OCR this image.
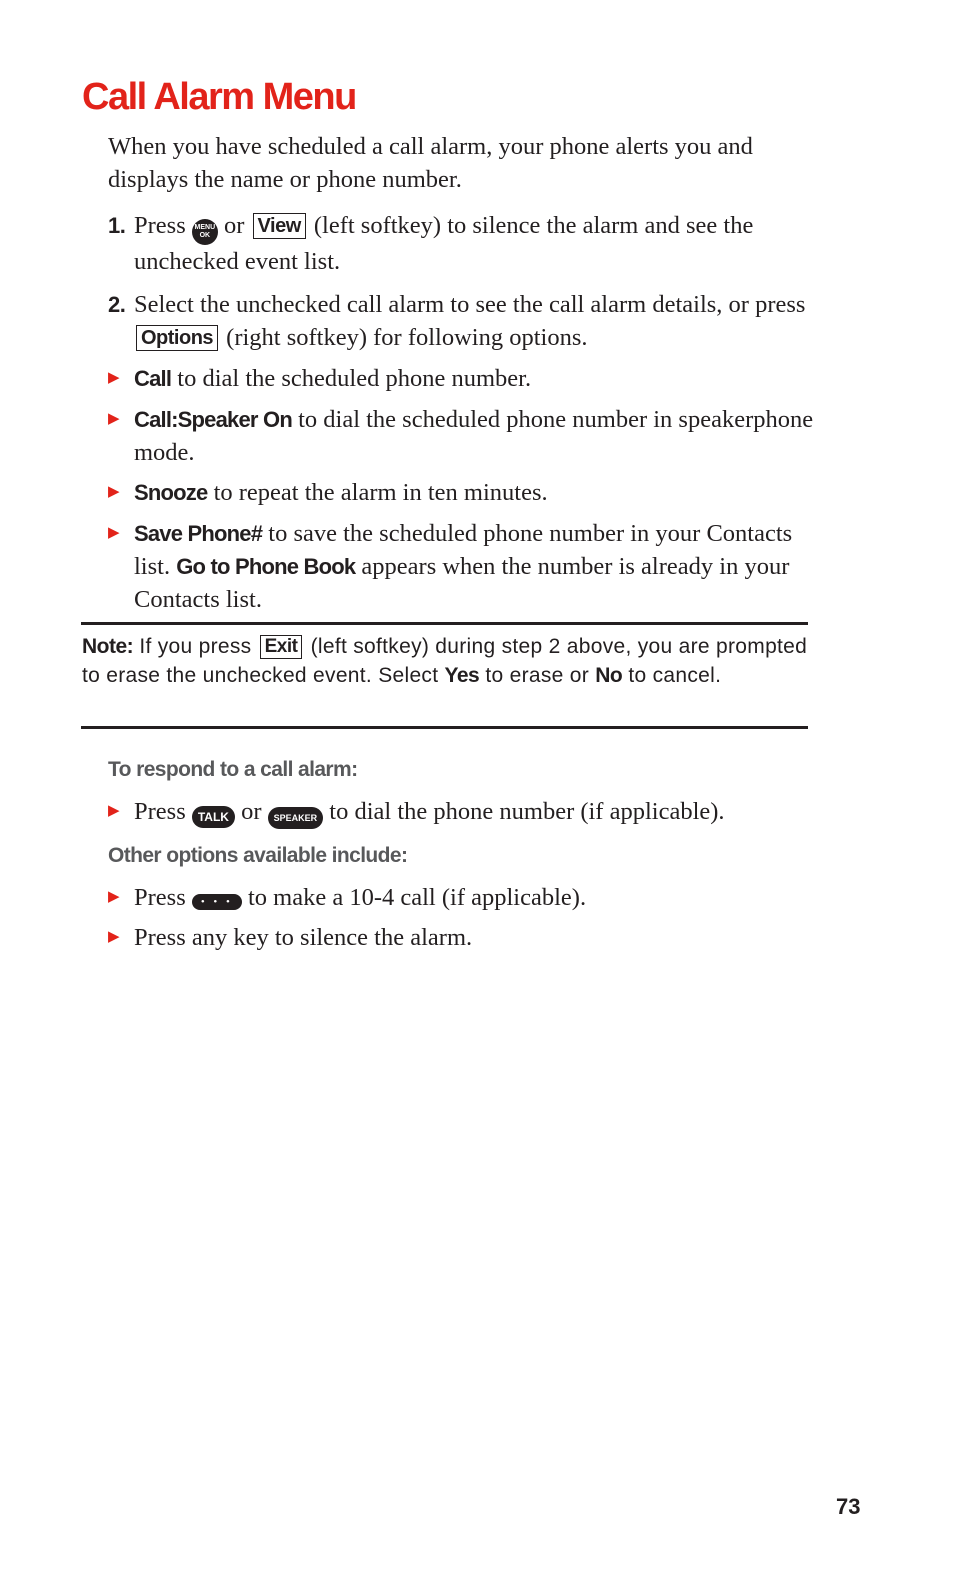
Call Alarm Menu

When you have scheduled a call alarm, your phone alerts you and displays the name or phone number.

1. Press MENU
OK or View (left softkey) to silence the alarm and see the unchecked event list.
2. Select the unchecked call alarm to see the call alarm details, or press Options (right softkey) for following options.
▶ Call to dial the scheduled phone number.
▶ Call:Speaker On to dial the scheduled phone number in speakerphone mode.
▶ Snooze to repeat the alarm in ten minutes.
▶ Save Phone# to save the scheduled phone number in your Contacts list. Go to Phone Book appears when the number is already in your Contacts list.
Note: If you press Exit (left softkey) during step 2 above, you are prompted to erase the unchecked event. Select Yes to erase or No to cancel.
To respond to a call alarm:
▶ Press TALK or SPEAKER to dial the phone number (if applicable).
Other options available include:
▶ Press • • • to make a 10-4 call (if applicable).
▶ Press any key to silence the alarm.
73
